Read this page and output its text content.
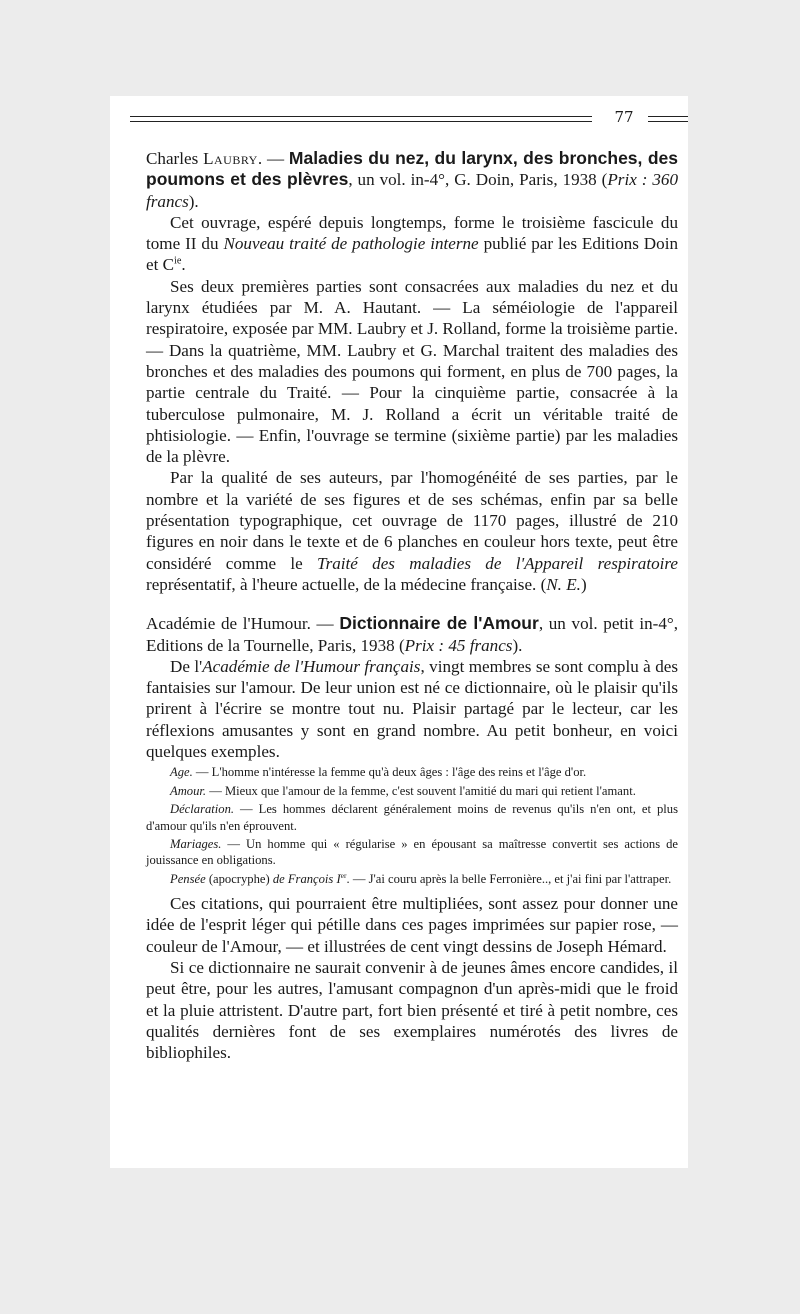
77

Charles Laubry. — Maladies du nez, du larynx, des bronches, des poumons et des plèvres, un vol. in-4°, G. Doin, Paris, 1938 (Prix : 360 francs).

Cet ouvrage, espéré depuis longtemps, forme le troisième fascicule du tome II du Nouveau traité de pathologie interne publié par les Editions Doin et $C^{ie}$.

Ses deux premières parties sont consacrées aux maladies du nez et du larynx étudiées par M. A. Hautant. — La séméiologie de l'appareil respiratoire, exposée par MM. Laubry et J. Rolland, forme la troisième partie. — Dans la quatrième, MM. Laubry et G. Marchal traitent des maladies des bronches et des maladies des poumons qui forment, en plus de 700 pages, la partie centrale du Traité. — Pour la cinquième partie, consacrée à la tuberculose pulmonaire, M. J. Rolland a écrit un véritable traité de phtisiologie. — Enfin, l'ouvrage se termine (sixième partie) par les maladies de la plèvre.

Par la qualité de ses auteurs, par l'homogénéité de ses parties, par le nombre et la variété de ses figures et de ses schémas, enfin par sa belle présentation typographique, cet ouvrage de 1170 pages, illustré de 210 figures en noir dans le texte et de 6 planches en couleur hors texte, peut être considéré comme le Traité des maladies de l'Appareil respiratoire représentatif, à l'heure actuelle, de la médecine française. (N. E.)

Académie de l'Humour. — Dictionnaire de l'Amour, un vol. petit in-4°, Editions de la Tournelle, Paris, 1938 (Prix : 45 francs).

De l'Académie de l'Humour français, vingt membres se sont complu à des fantaisies sur l'amour. De leur union est né ce dictionnaire, où le plaisir qu'ils prirent à l'écrire se montre tout nu. Plaisir partagé par le lecteur, car les réflexions amusantes y sont en grand nombre. Au petit bonheur, en voici quelques exemples.

Age. — L'homme n'intéresse la femme qu'à deux âges : l'âge des reins et l'âge d'or.

Amour. — Mieux que l'amour de la femme, c'est souvent l'amitié du mari qui retient l'amant.

Déclaration. — Les hommes déclarent généralement moins de revenus qu'ils n'en ont, et plus d'amour qu'ils n'en éprouvent.

Mariages. — Un homme qui « régularise » en épousant sa maîtresse convertit ses actions de jouissance en obligations.

Pensée (apocryphe) de François Ier. — J'ai couru après la belle Ferronière.., et j'ai fini par l'attraper.

Ces citations, qui pourraient être multipliées, sont assez pour donner une idée de l'esprit léger qui pétille dans ces pages imprimées sur papier rose, — couleur de l'Amour, — et illustrées de cent vingt dessins de Joseph Hémard.

Si ce dictionnaire ne saurait convenir à de jeunes âmes encore candides, il peut être, pour les autres, l'amusant compagnon d'un après-midi que le froid et la pluie attristent. D'autre part, fort bien présenté et tiré à petit nombre, ces qualités dernières font de ses exemplaires numérotés des livres de bibliophiles.
